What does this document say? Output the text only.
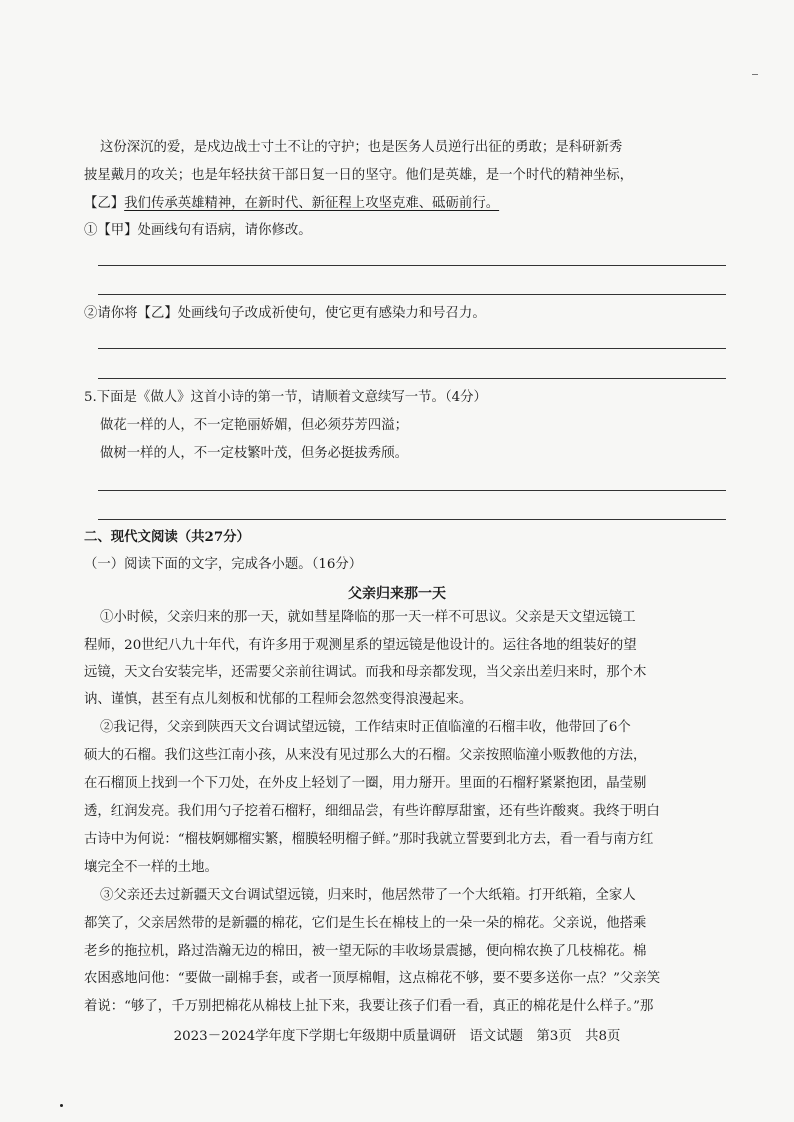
这份深沉的爱，是戍边战士寸土不让的守护；也是医务人员逆行出征的勇敢；是科研新秀
披星戴月的攻关；也是年轻扶贫干部日复一日的坚守。他们是英雄，是一个时代的精神坐标，
【乙】我们传承英雄精神，在新时代、新征程上攻坚克难、砥砺前行。
①【甲】处画线句有语病，请你修改。
②请你将【乙】处画线句子改成祈使句，使它更有感染力和号召力。
5.下面是《做人》这首小诗的第一节，请顺着文意续写一节。（4分）
做花一样的人，不一定艳丽娇媚，但必须芬芳四溢；
做树一样的人，不一定枝繁叶茂，但务必挺拔秀颀。
二、现代文阅读（共27分）
（一）阅读下面的文字，完成各小题。（16分）
父亲归来那一天
①小时候，父亲归来的那一天，就如彗星降临的那一天一样不可思议。父亲是天文望远镜工
程师，20世纪八九十年代，有许多用于观测星系的望远镜是他设计的。运往各地的组装好的望
远镜，天文台安装完毕，还需要父亲前往调试。而我和母亲都发现，当父亲出差归来时，那个木
讷、谨慎，甚至有点儿刻板和忧郁的工程师会忽然变得浪漫起来。
②我记得，父亲到陕西天文台调试望远镜，工作结束时正值临潼的石榴丰收，他带回了6个
硕大的石榴。我们这些江南小孩，从来没有见过那么大的石榴。父亲按照临潼小贩教他的方法，
在石榴顶上找到一个下刀处，在外皮上轻划了一圈，用力掰开。里面的石榴籽紧紧抱团，晶莹剔
透，红润发亮。我们用勺子挖着石榴籽，细细品尝，有些许醇厚甜蜜，还有些许酸爽。我终于明白
古诗中为何说：“榴枝婀娜榴实繁，榴膜轻明榴子鲜。”那时我就立誓要到北方去，看一看与南方红
壤完全不一样的土地。
③父亲还去过新疆天文台调试望远镜，归来时，他居然带了一个大纸箱。打开纸箱，全家人
都笑了，父亲居然带的是新疆的棉花，它们是生长在棉枝上的一朵一朵的棉花。父亲说，他搭乘
老乡的拖拉机，路过浩瀚无边的棉田，被一望无际的丰收场景震撼，便向棉农换了几枝棉花。棉
农困惑地问他：“要做一副棉手套，或者一顶厚棉帽，这点棉花不够，要不要多送你一点？”父亲笑
着说：“够了，千万别把棉花从棉枝上扯下来，我要让孩子们看一看，真正的棉花是什么样子。”那
2023－2024学年度下学期七年级期中质量调研　语文试题　第3页　共8页
